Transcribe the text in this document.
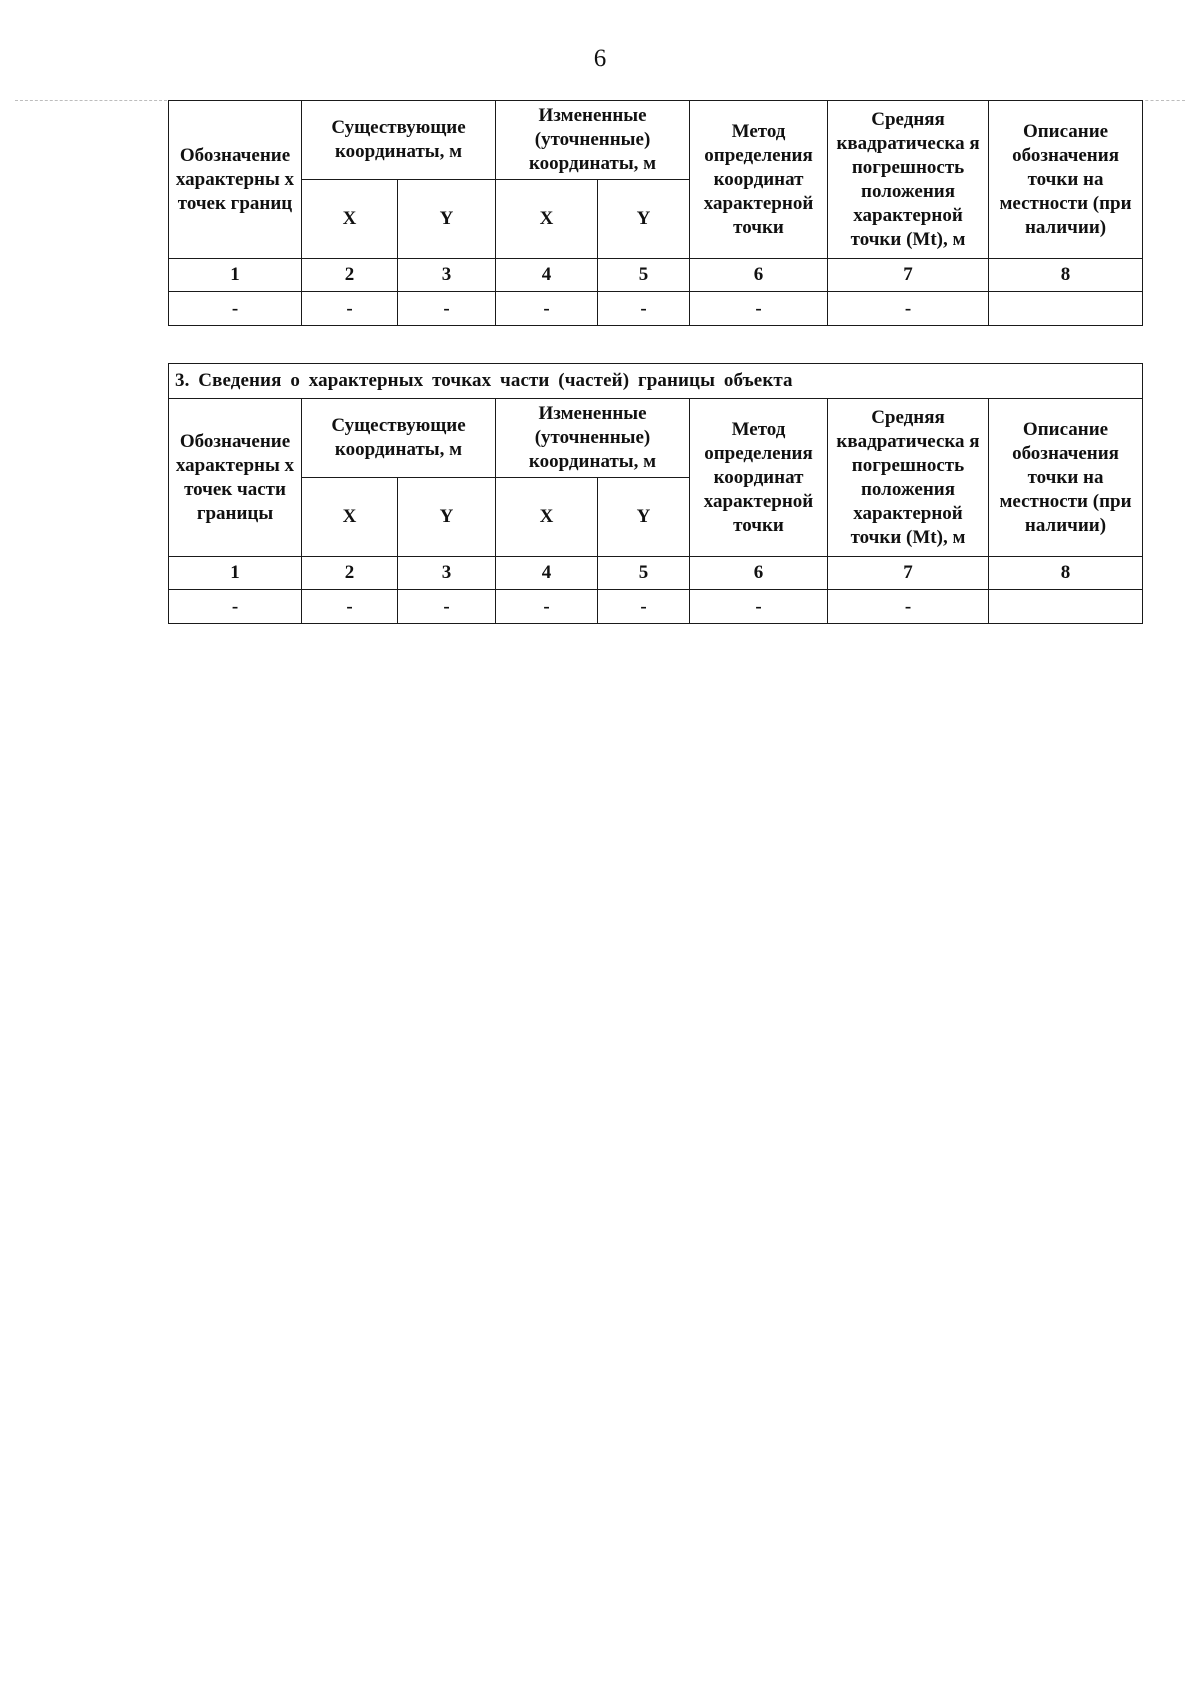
6
Обозначение характерны х точек границ	Существующие координаты, м		Измененные (уточненные) координаты, м		Метод определения координат характерной точки	Средняя квадратическа я погрешность положения характерной точки (Mt), м	Описание обозначения точки на местности (при наличии)
	X	Y	X	Y			
1	2	3	4	5	6	7	8
-	-	-	-	-	-	-	
3. Сведения о характерных точках части (частей) границы объекта							
Обозначение характерны х точек части границы	Существующие координаты, м		Измененные (уточненные) координаты, м		Метод определения координат характерной точки	Средняя квадратическа я погрешность положения характерной точки (Mt), м	Описание обозначения точки на местности (при наличии)
	X	Y	X	Y			
1	2	3	4	5	6	7	8
-	-	-	-	-	-	-	
